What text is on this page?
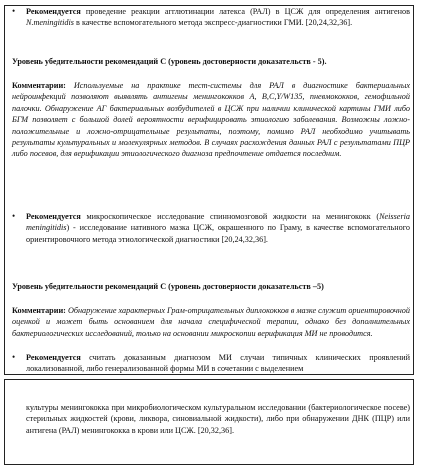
• Рекомендуется проведение реакции агглютинации латекса (РАЛ) в ЦСЖ для определения антигенов N.meningitidis в качестве вспомогательного метода экспресс-диагностики ГМИ. [20,24,32,36].

Уровень убедительности рекомендаций С (уровень достоверности доказательств - 5).

Комментарии: Используемые на практике тест-системы для РАЛ в диагностике бактериальных нейроинфекций позволяют выявлять антигены менингококков A, B,C,Y/W135, пневмококков, гемофильной палочки. Обнаружение АГ бактериальных возбудителей в ЦСЖ при наличии клинической картины ГМИ либо БГМ позволяет с большой долей вероятности верифицировать этиологию заболевания. Возможны ложно-положительные и ложно-отрицательные результаты, поэтому, помимо РАЛ необходимо учитывать результаты культуральных и молекулярных методов. В случаях расхождения данных РАЛ с результатами ПЦР либо посевов, для верификации этиологического диагноза предпочтение отдается последним.

• Рекомендуется микроскопическое исследование спинномозговой жидкости на менингококк (Neisseria meningitidis) - исследование нативного мазка ЦСЖ, окрашенного по Граму, в качестве вспомогательного ориентировочного метода этиологической диагностики [20,24,32,36].

Уровень убедительности рекомендаций С (уровень достоверности доказательств –5)

Комментарии: Обнаружение характерных Грам-отрицательных диплококков в мазке служит ориентировочной оценкой и может быть основанием для начала специфической терапии, однако без дополнительных бактериологических исследований, только на основании микроскопии верификация МИ не проводится.

• Рекомендуется считать доказанным диагнозом МИ случаи типичных клинических проявлений локализованной, либо генерализованной формы МИ в сочетании с выделением

культуры менингококка при микробиологическом культуральном исследовании (бактериологическое посеве) стерильных жидкостей (крови, ликвора, синовиальной жидкости), либо при обнаружении ДНК (ПЦР) или антигена (РАЛ) менингококка в крови или ЦСЖ. [20,32,36].
